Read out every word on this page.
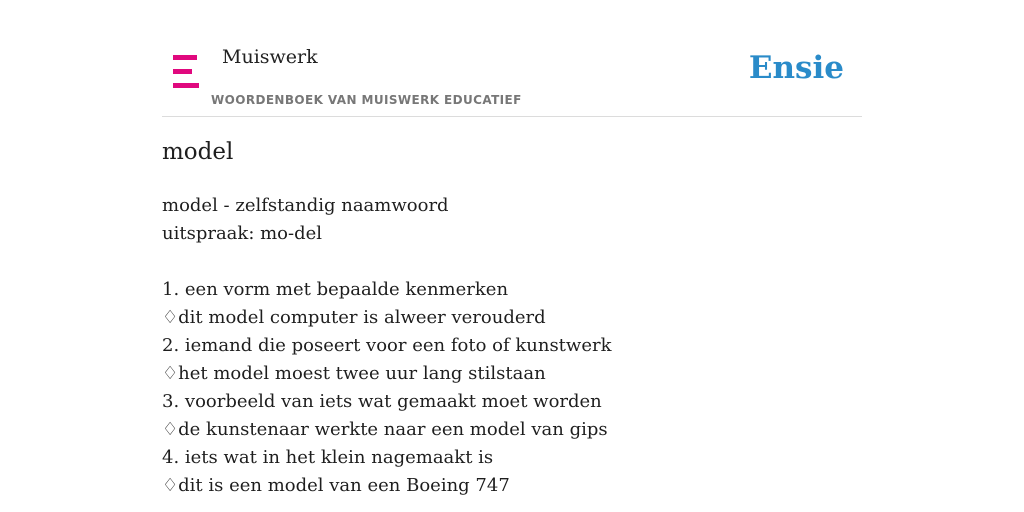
Muiswerk
WOORDENBOEK VAN MUISWERK EDUCATIEF
Ensie
model
model - zelfstandig naamwoord
uitspraak: mo-del
1. een vorm met bepaalde kenmerken
♢dit model computer is alweer verouderd
2. iemand die poseert voor een foto of kunstwerk
♢het model moest twee uur lang stilstaan
3. voorbeeld van iets wat gemaakt moet worden
♢de kunstenaar werkte naar een model van gips
4. iets wat in het klein nagemaakt is
♢dit is een model van een Boeing 747
